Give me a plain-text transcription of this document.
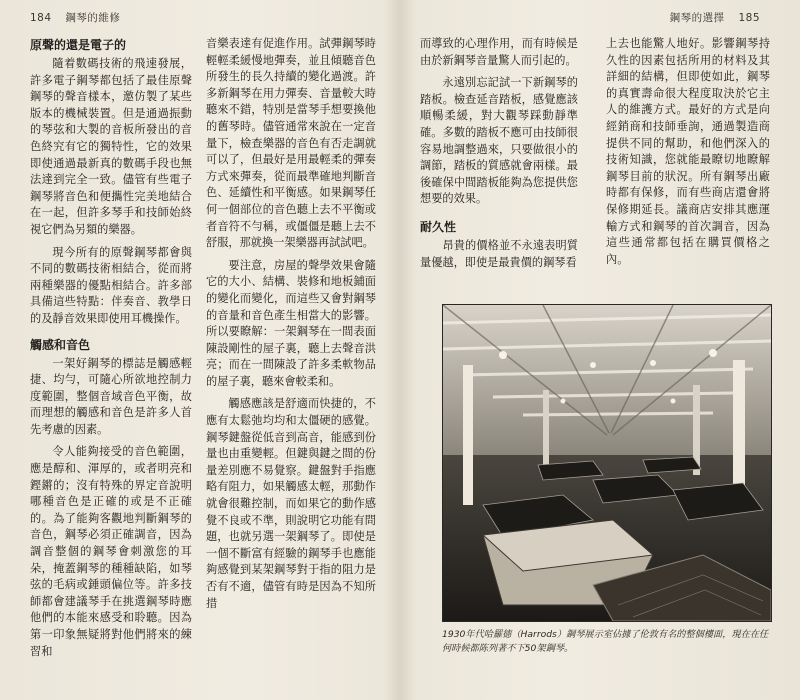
184 鋼琴的維修	鋼琴的選擇 185
原聲的還是電子的

隨着數碼技術的飛速發展，許多電子鋼琴都包括了最佳原聲鋼琴的聲音樣本，邀仿製了某些版本的機械裝置。但是通過振動的琴弦和大製的音板所發出的音色終究有它的獨特性，它的效果即使通過最新真的數碼手段也無法達到完全一致。儘管有些電子鋼琴將音色和便攜性完美地結合在一起，但許多琴手和技師始終視它們為另類的樂器。

現今所有的原聲鋼琴都會與不同的數碼技術相結合，從而將兩種樂器的優點相結合。許多部具備這些特點：伴奏音、教學日的及靜音效果即使用耳機操作。

觸感和音色

一架好鋼琴的標誌是觸感輕捷、均勻，可隨心所欲地控制力度範圍，整個音域音色平衡，故而理想的觸感和音色是許多人首先考慮的因素。

令人能夠接受的音色範圍，應是醇和、渾厚的，或者明亮和鏗鏘的；沒有特殊的界定音說明哪種音色是正確的或是不正確的。為了能夠客觀地判斷鋼琴的音色，鋼琴必須正確調音，因為調音整個的鋼琴會刺激您的耳朵，掩蓋鋼琴的種種缺陷，如琴弦的毛病或錘頭偏位等。許多技師都會建議琴手在挑選鋼琴時應他們的本能來感受和聆聽。因為第一印象無疑將對他們將來的練習和

音樂表達有促進作用。試彈鋼琴時輕輕柔緩慢地彈奏，並且傾聽音色所發生的長久持續的變化過渡。許多新鋼琴在用力彈奏、音量較大時聽來不錯，特別是當琴手想要換他的舊琴時。儘管通常來說在一定音量下，檢查樂器的音色有否走調就可以了，但最好是用最輕柔的彈奏方式來彈奏，從而最準確地判斷音色、延續性和平衡感。如果鋼琴任何一個部位的音色聽上去不平衡或者音符不勻稱，或僵僵是聽上去不舒服，那就換一架樂器再試試吧。

要注意，房屋的聲學效果會隨它的大小、結構、裝修和地板鋪面的變化而變化，而這些又會對鋼琴的音量和音色產生相當大的影響。所以要瞭解：一架鋼琴在一間表面陳設剛性的屋子裏，聽上去聲音洪亮；而在一間陳設了許多柔軟物品的屋子裏，聽來會較柔和。

觸感應該是舒適而快捷的，不應有太鬆弛均均和太僵硬的感覺。鋼琴鍵盤從低音到高音，能感到份量也由重變輕。但鍵與鍵之間的份量差別應不易覺察。鍵盤對手指應略有阻力，如果觸感太輕，那動作就會很難控制，而如果它的動作感覺不良或不準，則說明它功能有問題，也就另選一架鋼琴了。即使是一個不斷富有經驗的鋼琴手也應能夠感覺到某架鋼琴對于指的阻力是否有不適，儘管有時是因為不知所措

而導致的心理作用，而有時候是由於新鋼琴音量驚人而引起的。

永遠別忘記試一下新鋼琴的踏板。檢查延音踏板，感覺應該順暢柔緩，對大觀琴踩動靜準確。多數的踏板不應可由技師很容易地調整過來，只要做很小的調節，踏板的質感就會兩樣。最後確保中間踏板能夠為您提供您想要的效果。

耐久性

昂貴的價格並不永遠表明質量優越，即使是最貴價的鋼琴看

上去也能驚人地好。影響鋼琴持久性的因素包括所用的材料及其詳細的結構，但即使如此，鋼琴的真實壽命很大程度取決於它主人的維護方式。最好的方式是向經銷商和技師垂詢，通過製造商提供不同的幫助，和他們深入的技術知識，您就能最瞭切地瞭解鋼琴目前的狀況。所有鋼琴出廠時都有保修，而有些商店還會將保修期延長。議商店安排其應運輸方式和鋼琴的首次調音，因為這些通常都包括在購買價格之內。

1930年代哈羅德（Harrods）鋼琴展示室佔據了伦敦有名的整個樓面，現在在任何時候都陈列著不下50架鋼琴。
